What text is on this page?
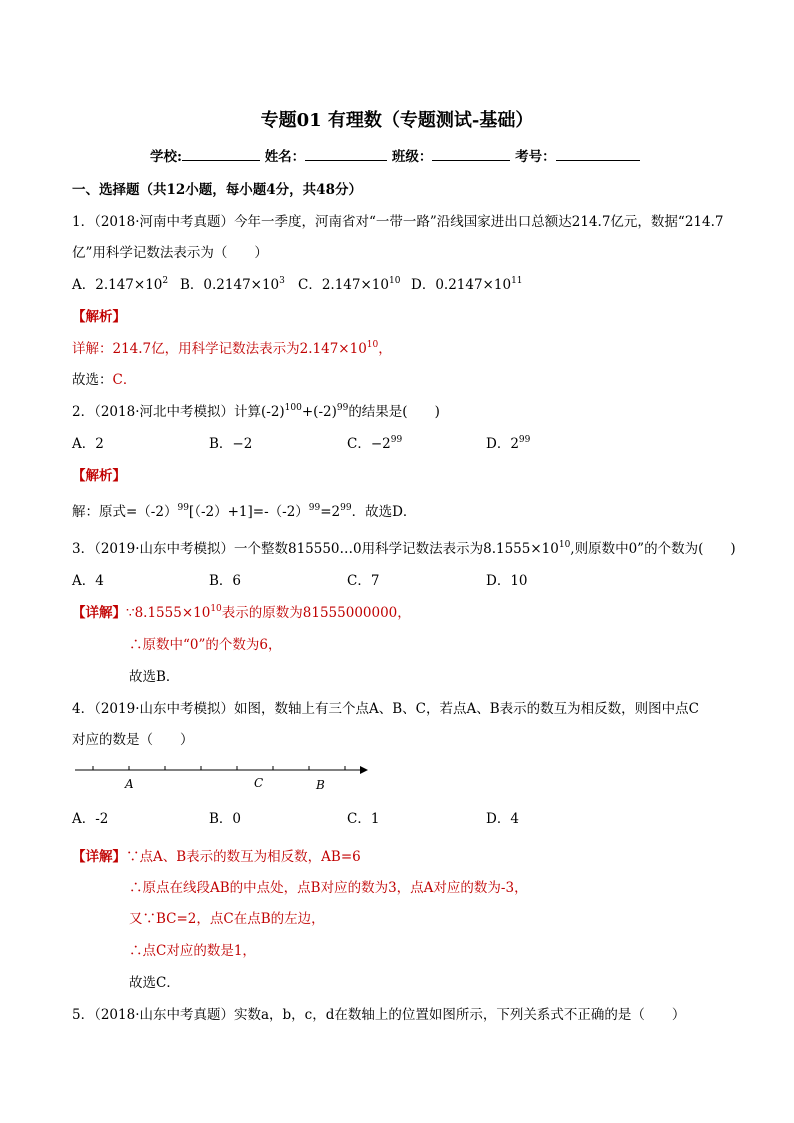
专题01 有理数（专题测试-基础）
学校:	姓名：	班级：	考号：
一、选择题（共12小题，每小题4分，共48分）
1．（2018·河南中考真题）今年一季度，河南省对“一带一路”沿线国家进出口总额达214.7亿元，数据“214.7
亿”用科学记数法表示为（　　）
A．$2.147\times 10^2$ B．$0.2147\times 10^3$ C．$2.147\times 10^{10}$ D．$0.2147\times 10^{11}$
【解析】
详解：214.7亿，用科学记数法表示为$2.147\times 10^{10}$，
故选：C．
2．（2018·河北中考模拟）计算$(-2)^{100}+(-2)^{99}$的结果是(　　)
A．2	B．−2	C．$-2^{99}$	D．$2^{99}$
【解析】
解：原式$=(-2)^{99}[(-2)+1]=-(-2)^{99}=2^{99}$．故选D．
3．（2019·山东中考模拟）一个整数815550…0用科学记数法表示为$8.1555\times 10^{10}$,则原数中0”的个数为(　　)
A．4	B．6	C．7	D．10
【详解】$\because 8.1555\times 10^{10}$表示的原数为81555000000，
∴原数中“0”的个数为6，
故选B．
4．（2019·山东中考模拟）如图，数轴上有三个点A、B、C，若点A、B表示的数互为相反数，则图中点C
对应的数是（　　）
A	C	B
A．-2	B．0	C．1	D．4
【详解】∵点A、B表示的数互为相反数，AB=6
∴原点在线段AB的中点处，点B对应的数为3，点A对应的数为-3，
又∵BC=2，点C在点B的左边，
∴点C对应的数是1，
故选C．
5．（2018·山东中考真题）实数a，b，c，d在数轴上的位置如图所示，下列关系式不正确的是（　　）
